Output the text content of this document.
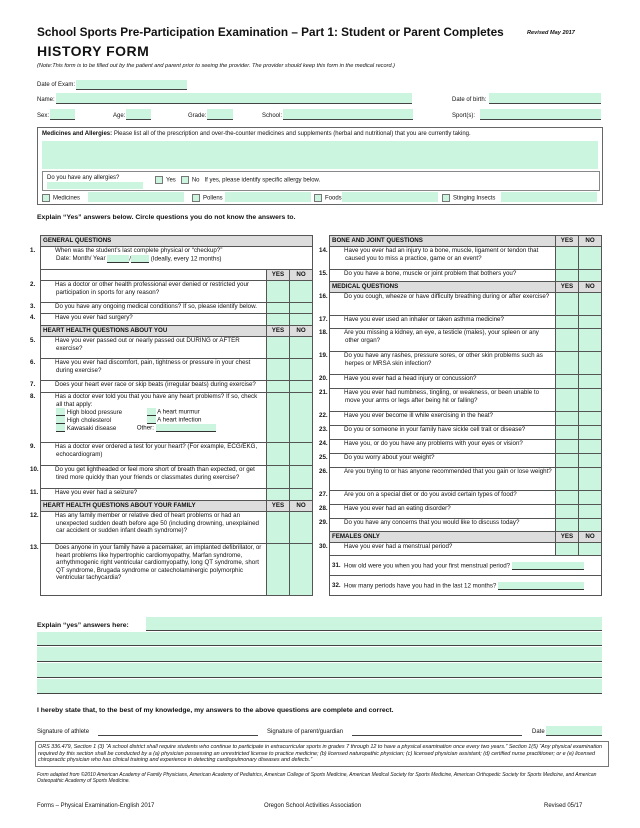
School Sports Pre-Participation Examination – Part 1: Student or Parent Completes	Revised May 2017
HISTORY FORM
(Note:This form is to be filled out by the patient and parent prior to seeing the provider. The provider should keep this form in the medical record.)
Date of Exam:
Name:	Date of birth:
Sex:	Age:	Grade:	School:	Sport(s):
Medicines and Allergies: Please list all of the prescription and over-the-counter medicines and supplements (herbal and nutritional) that you are currently taking.
Do you have any allergies?	Yes	No If yes, please identify specific allergy below.
Medicines	Pollens	Foods	Stinging Insects
Explain “Yes” answers below. Circle questions you do not know the answers to.
GENERAL QUESTIONS		

1. When was the student’s last complete physical or “checkup?”
Date: Month/ Year (Ideally, every 12 months)		
	YES	NO

2. Has a doctor or other health professional ever denied or restricted your participation in sports for any reason?		

3. Do you have any ongoing medical conditions? If so, please identify below.		

4. Have you ever had surgery?		

HEART HEALTH QUESTIONS ABOUT YOU	YES	NO

5. Have you ever passed out or nearly passed out DURING or AFTER exercise?		

6. Have you ever had discomfort, pain, tightness or pressure in your chest during exercise?		

7. Does your heart ever race or skip beats (irregular beats) during exercise?		

8. Has a doctor ever told you that you have any heart problems? If so, check all that apply:
High blood pressure A heart murmur
High cholesterol A heart infection
Kawasaki disease Other:		

9. Has a doctor ever ordered a test for your heart? (For example, ECG/EKG, echocardiogram)		

10. Do you get lightheaded or feel more short of breath than expected, or get tired more quickly than your friends or classmates during exercise?		

11. Have you ever had a seizure?		

HEART HEALTH QUESTIONS ABOUT YOUR FAMILY	YES	NO

12. Has any family member or relative died of heart problems or had an unexpected sudden death before age 50 (including drowning, unexplained car accident or sudden infant death syndrome)?		

13. Does anyone in your family have a pacemaker, an implanted defibrillator, or heart problems like hypertrophic cardiomyopathy, Marfan syndrome, arrhythmogenic right ventricular cardiomyopathy, long QT syndrome, short QT syndrome, Brugada syndrome or catecholaminergic polymorphic ventricular tachycardia?		

BONE AND JOINT QUESTIONS	YES	NO

14. Have you ever had an injury to a bone, muscle, ligament or tendon that caused you to miss a practice, game or an event?		

15. Do you have a bone, muscle or joint problem that bothers you?		

MEDICAL QUESTIONS	YES	NO

16. Do you cough, wheeze or have difficulty breathing during or after exercise?		

17. Have you ever used an inhaler or taken asthma medicine?		

18. Are you missing a kidney, an eye, a testicle (males), your spleen or any other organ?		

19. Do you have any rashes, pressure sores, or other skin problems such as herpes or MRSA skin infection?		

20. Have you ever had a head injury or concussion?		

21. Have you ever had numbness, tingling, or weakness, or been unable to move your arms or legs after being hit or falling?		

22. Have you ever become ill while exercising in the heat?		

23. Do you or someone in your family have sickle cell trait or disease?		

24. Have you, or do you have any problems with your eyes or vision?		

25. Do you worry about your weight?		

26. Are you trying to or has anyone recommended that you gain or lose weight?		

27. Are you on a special diet or do you avoid certain types of food?		

28. Have you ever had an eating disorder?		

29. Do you have any concerns that you would like to discuss today?		

FEMALES ONLY	YES	NO

30. Have you ever had a menstrual period?		

31. How old were you when you had your first menstrual period?		
32. How many periods have you had in the last 12 months?		
Explain “yes” answers here:
I hereby state that, to the best of my knowledge, my answers to the above questions are complete and correct.
Signature of athlete	Signature of parent/guardian	Date
ORS 336.479, Section 1 (3) “A school district shall require students who continue to participate in extracurricular sports in grades 7 through 12 to have a physical examination once every two years.” Section 1(5) “Any physical examination required by this section shall be conducted by a (a) physician possessing an unrestricted license to practice medicine; (b) licensed naturopathic physician; (c) licensed physician assistant; (d) certified nurse practitioner; or e (e) licensed chiropractic physician who has clinical training and experience in detecting cardiopulmonary diseases and defects.”
Form adapted from ©2010 American Academy of Family Physicians, American Academy of Pediatrics, American College of Sports Medicine, American Medical Society for Sports Medicine, American Orthopedic Society for Sports Medicine, and American Osteopathic Academy of Sports Medicine.
Forms – Physical Examination-English 2017	Oregon School Activities Association	Revised 05/17
